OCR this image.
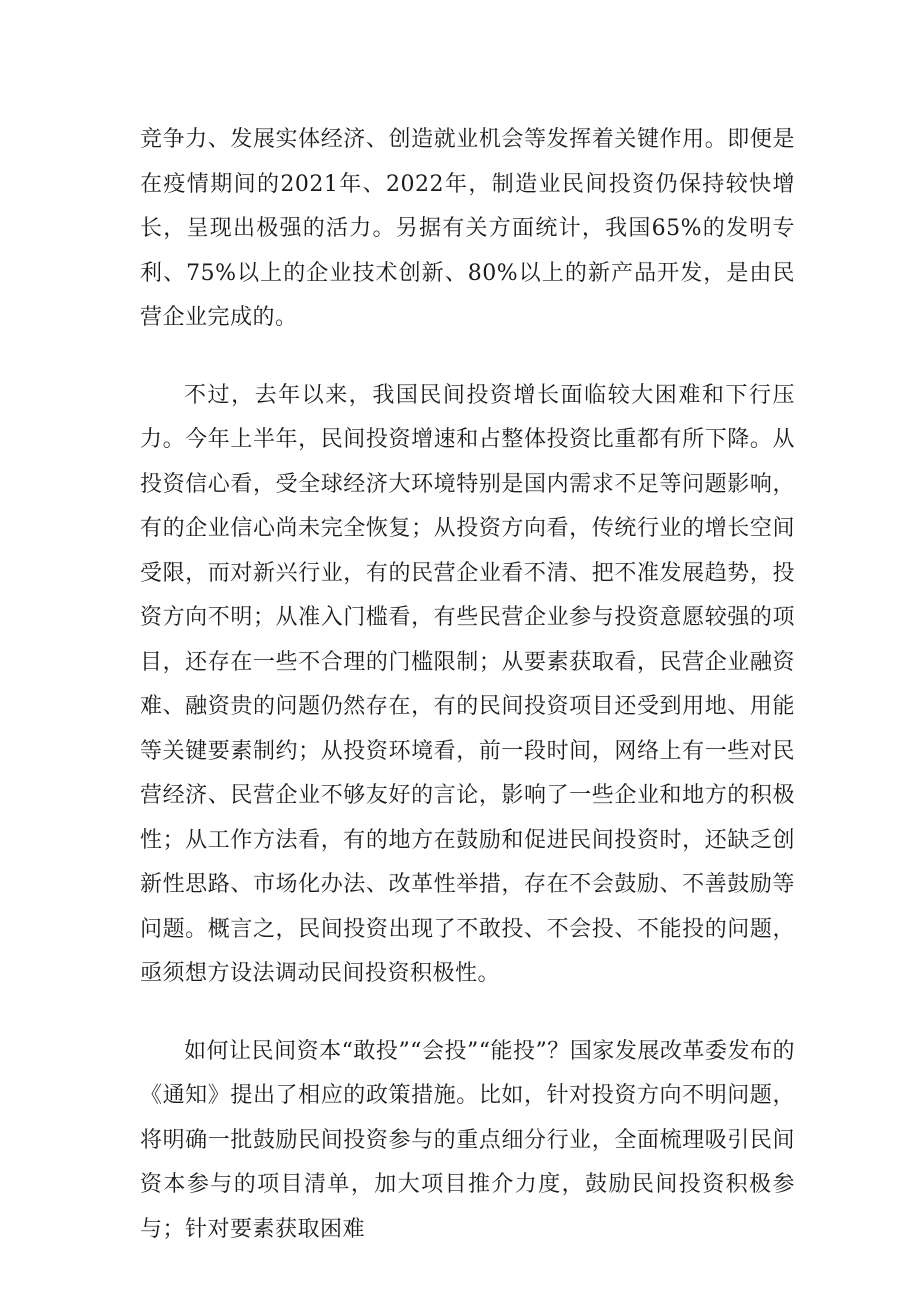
竞争力、发展实体经济、创造就业机会等发挥着关键作用。即便是在疫情期间的2021年、2022年，制造业民间投资仍保持较快增长，呈现出极强的活力。另据有关方面统计，我国65%的发明专利、75%以上的企业技术创新、80%以上的新产品开发，是由民营企业完成的。

不过，去年以来，我国民间投资增长面临较大困难和下行压力。今年上半年，民间投资增速和占整体投资比重都有所下降。从投资信心看，受全球经济大环境特别是国内需求不足等问题影响，有的企业信心尚未完全恢复；从投资方向看，传统行业的增长空间受限，而对新兴行业，有的民营企业看不清、把不准发展趋势，投资方向不明；从准入门槛看，有些民营企业参与投资意愿较强的项目，还存在一些不合理的门槛限制；从要素获取看，民营企业融资难、融资贵的问题仍然存在，有的民间投资项目还受到用地、用能等关键要素制约；从投资环境看，前一段时间，网络上有一些对民营经济、民营企业不够友好的言论，影响了一些企业和地方的积极性；从工作方法看，有的地方在鼓励和促进民间投资时，还缺乏创新性思路、市场化办法、改革性举措，存在不会鼓励、不善鼓励等问题。概言之，民间投资出现了不敢投、不会投、不能投的问题，亟须想方设法调动民间投资积极性。

如何让民间资本“敢投”“会投”“能投”？国家发展改革委发布的《通知》提出了相应的政策措施。比如，针对投资方向不明问题，将明确一批鼓励民间投资参与的重点细分行业，全面梳理吸引民间资本参与的项目清单，加大项目推介力度，鼓励民间投资积极参与；针对要素获取困难
